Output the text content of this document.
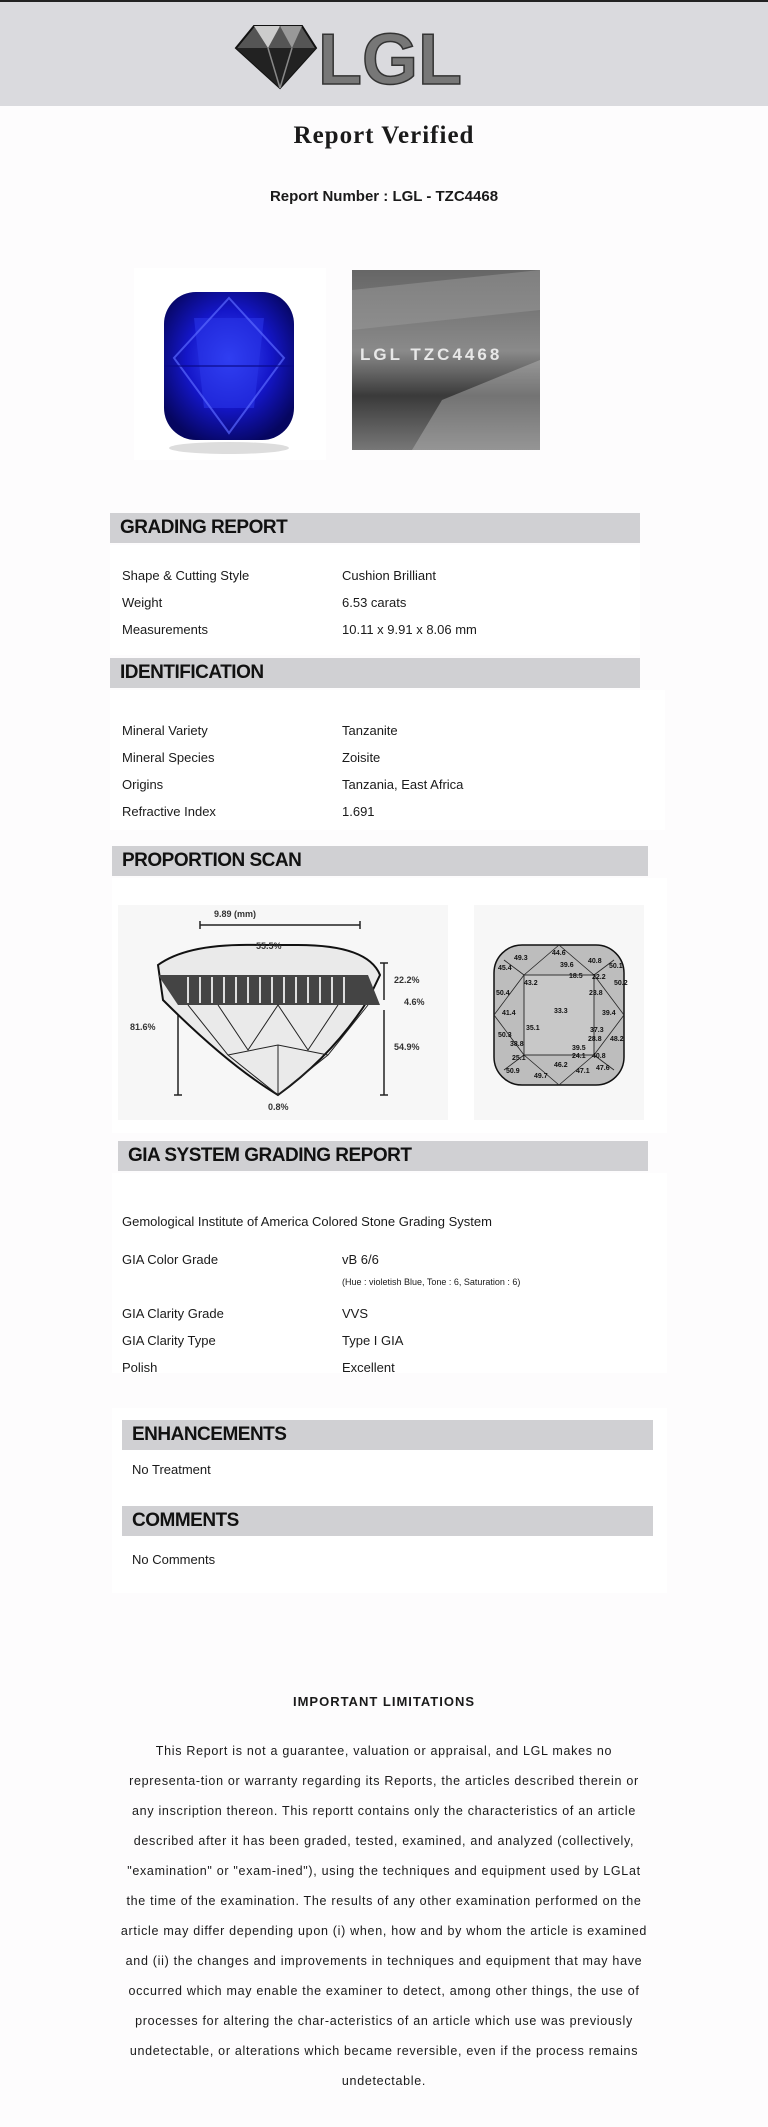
LGL
Report Verified
Report Number : LGL - TZC4468
LGL TZC4468
GRADING REPORT
Shape & Cutting Style	Cushion Brilliant
Weight	6.53 carats
Measurements	10.11 x 9.91 x 8.06 mm
IDENTIFICATION
Mineral Variety	Tanzanite
Mineral Species	Zoisite
Origins	Tanzania, East Africa
Refractive Index	1.691
PROPORTION SCAN
9.89 (mm)
55.5%
81.6%
22.2%
4.6%
54.9%
0.8%
44.6
49.3
39.6
40.8
50.1
45.4
18.5 22.2
50.2
43.2
23.8
50.4
41.4	39.4
33.3
50.3
37.3
28.8 48.2
38.8
39.5
24.1 40.8
46.2
47.1
49.7
50.9	47.6
25.1
35.1
GIA SYSTEM GRADING REPORT
Gemological Institute of America Colored Stone Grading System
GIA Color Grade	vB 6/6
(Hue : violetish Blue, Tone : 6, Saturation : 6)
GIA Clarity Grade	VVS
GIA Clarity Type	Type I GIA
Polish	Excellent
ENHANCEMENTS
No Treatment
COMMENTS
No Comments
IMPORTANT LIMITATIONS
This Report is not a guarantee, valuation or appraisal, and LGL makes no representa-tion or warranty regarding its Reports, the articles described therein or any inscription thereon. This reportt contains only the characteristics of an article described after it has been graded, tested, examined, and analyzed (collectively, "examination" or "exam-ined"), using the techniques and equipment used by LGLat the time of the examination. The results of any other examination performed on the article may differ depending upon (i) when, how and by whom the article is examined and (ii) the changes and improvements in techniques and equipment that may have occurred which may enable the examiner to detect, among other things, the use of processes for altering the char-acteristics of an article which use was previously undetectable, or alterations which became reversible, even if the process remains undetectable.
